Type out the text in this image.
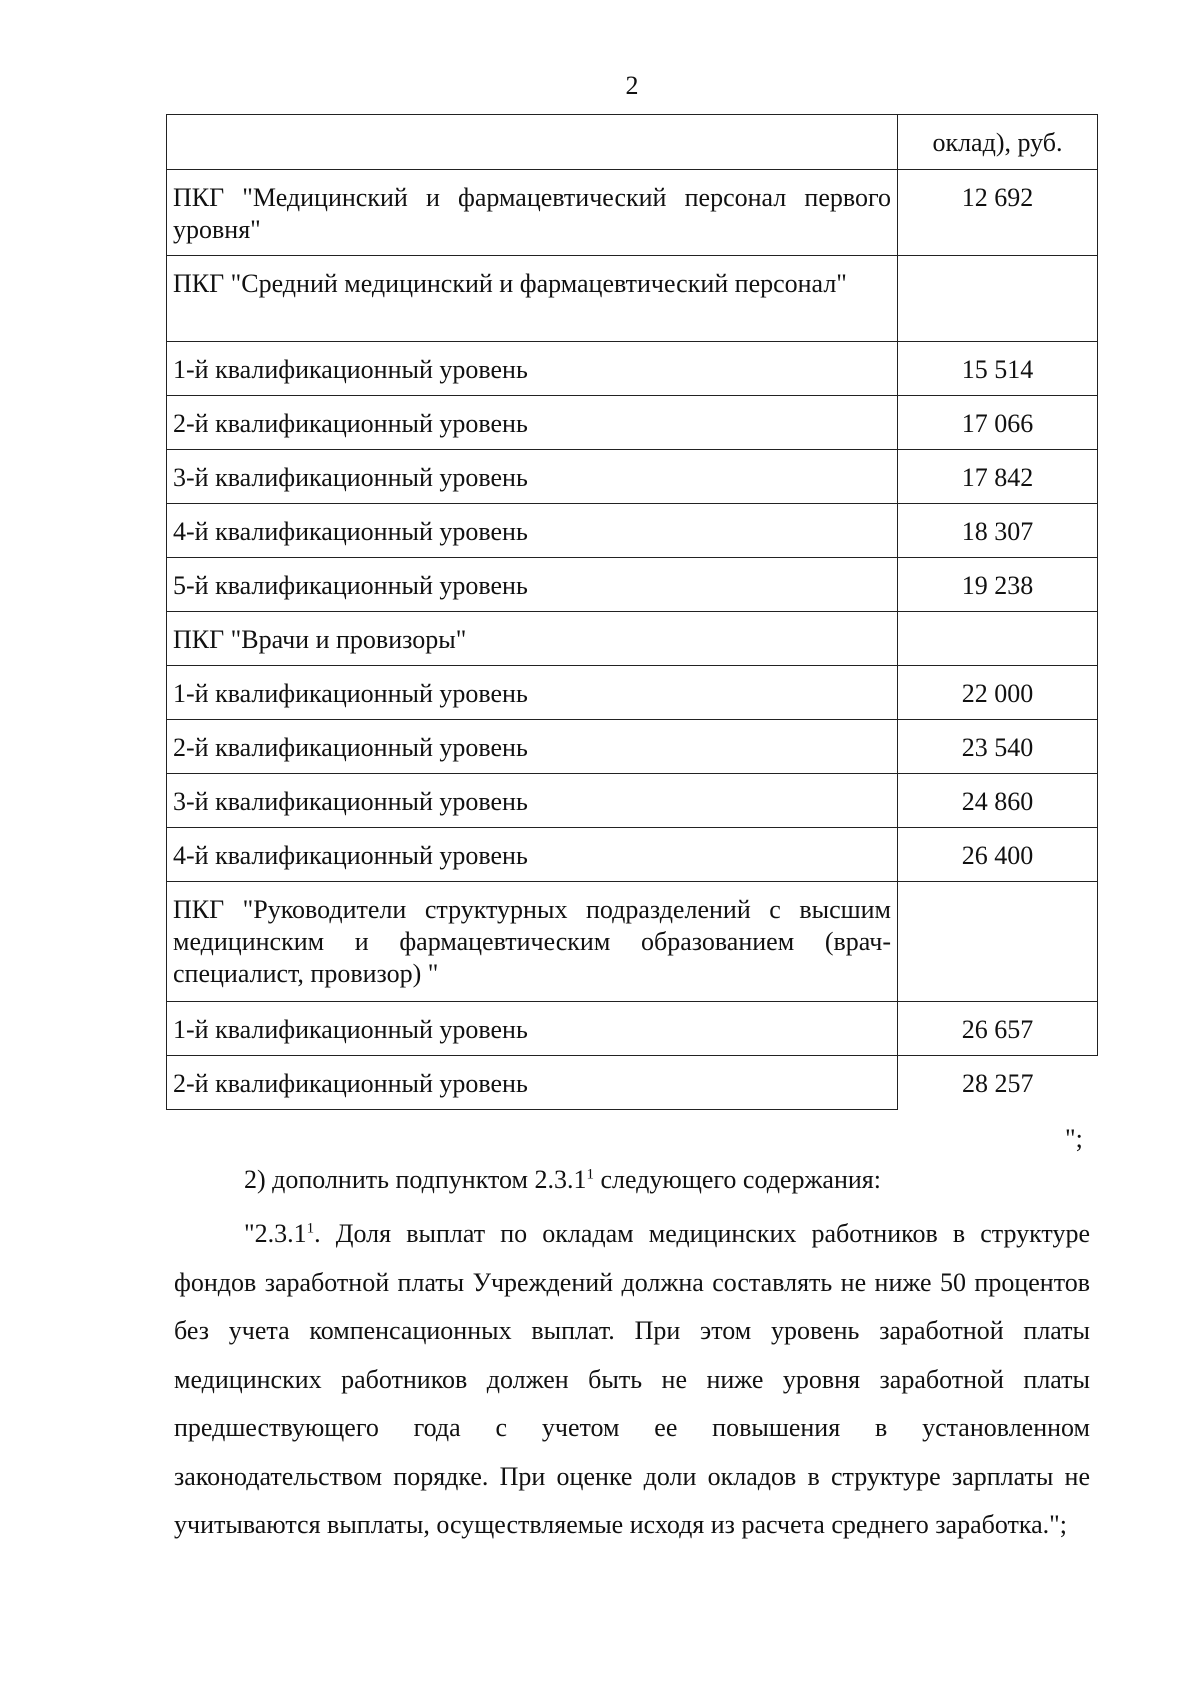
2
	оклад), руб.
ПКГ "Медицинский и фармацевтический персонал первого уровня"	12 692
ПКГ "Средний медицинский и фармацевтический персонал"	
1-й квалификационный уровень	15 514
2-й квалификационный уровень	17 066
3-й квалификационный уровень	17 842
4-й квалификационный уровень	18 307
5-й квалификационный уровень	19 238
ПКГ "Врачи и провизоры"	
1-й квалификационный уровень	22 000
2-й квалификационный уровень	23 540
3-й квалификационный уровень	24 860
4-й квалификационный уровень	26 400
ПКГ "Руководители структурных подразделений с высшим медицинским и фармацевтическим образованием (врач-специалист, провизор) "	
1-й квалификационный уровень	26 657
2-й квалификационный уровень	28 257
";
2) дополнить подпунктом 2.3.1$^1$ следующего содержания:
"2.3.1$^1$. Доля выплат по окладам медицинских работников в структуре фондов заработной платы Учреждений должна составлять не ниже 50 процентов без учета компенсационных выплат. При этом уровень заработной платы медицинских работников должен быть не ниже уровня заработной платы предшествующего года с учетом ее повышения в установленном законодательством порядке. При оценке доли окладов в структуре зарплаты не учитываются выплаты, осуществляемые исходя из расчета среднего заработка.";
